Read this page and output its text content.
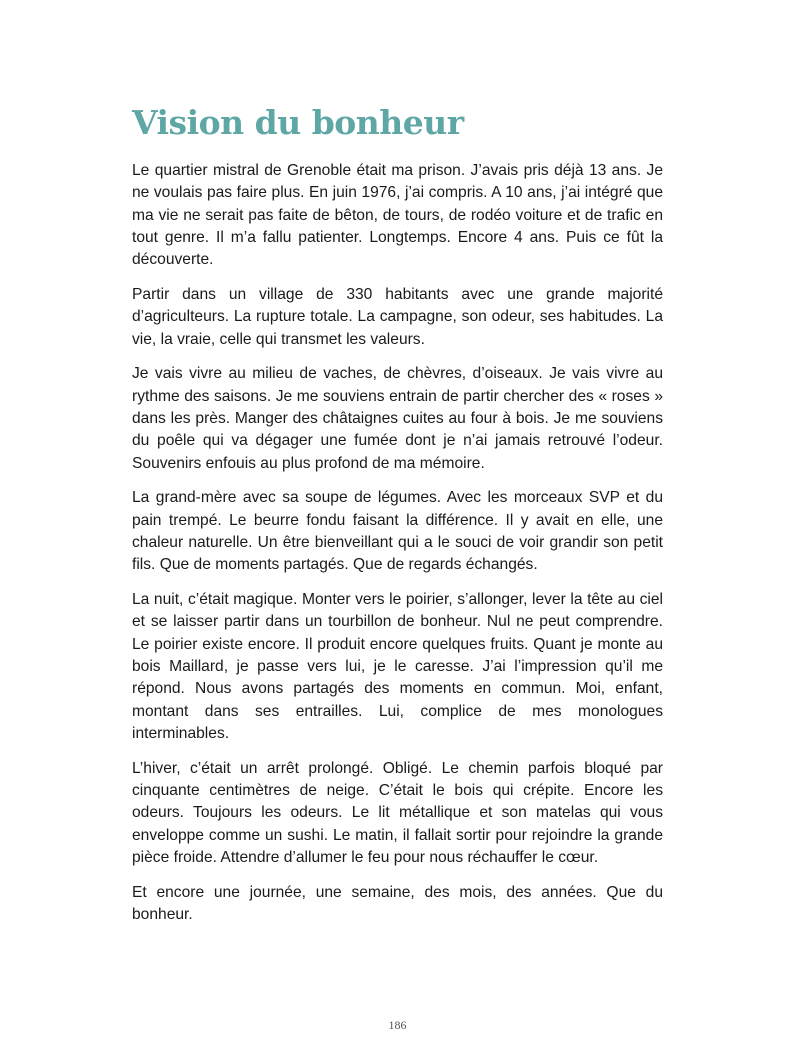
Vision du bonheur

Le quartier mistral de Grenoble était ma prison. J’avais pris déjà 13 ans. Je ne voulais pas faire plus. En juin 1976, j’ai compris. A 10 ans, j’ai intégré que ma vie ne serait pas faite de bêton, de tours, de rodéo voiture et de trafic en tout genre. Il m’a fallu patienter. Longtemps. Encore 4 ans. Puis ce fût la découverte.

Partir dans un village de 330 habitants avec une grande majorité d’agriculteurs. La rupture totale. La campagne, son odeur, ses habitudes. La vie, la vraie, celle qui transmet les valeurs.

Je vais vivre au milieu de vaches, de chèvres, d’oiseaux. Je vais vivre au rythme des saisons. Je me souviens entrain de partir chercher des « roses » dans les près. Manger des châtaignes cuites au four à bois. Je me souviens du poêle qui va dégager une fumée dont je n’ai jamais retrouvé l’odeur. Souvenirs enfouis au plus profond de ma mémoire.

La grand-mère avec sa soupe de légumes. Avec les morceaux SVP et du pain trempé. Le beurre fondu faisant la différence. Il y avait en elle, une chaleur naturelle. Un être bienveillant qui a le souci de voir grandir son petit fils. Que de moments partagés. Que de regards échangés.

La nuit, c’était magique. Monter vers le poirier, s’allonger, lever la tête au ciel et se laisser partir dans un tourbillon de bonheur. Nul ne peut comprendre. Le poirier existe encore. Il produit encore quelques fruits. Quant je monte au bois Maillard, je passe vers lui, je le caresse. J’ai l’impression qu’il me répond. Nous avons partagés des moments en commun. Moi, enfant, montant dans ses entrailles. Lui, complice de mes monologues interminables.

L’hiver, c’était un arrêt prolongé. Obligé. Le chemin parfois bloqué par cinquante centimètres de neige. C’était le bois qui crépite. Encore les odeurs. Toujours les odeurs. Le lit métallique et son matelas qui vous enveloppe comme un sushi. Le matin, il fallait sortir pour rejoindre la grande pièce froide. Attendre d’allumer le feu pour nous réchauffer le cœur.

Et encore une journée, une semaine, des mois, des années. Que du bonheur.

186
